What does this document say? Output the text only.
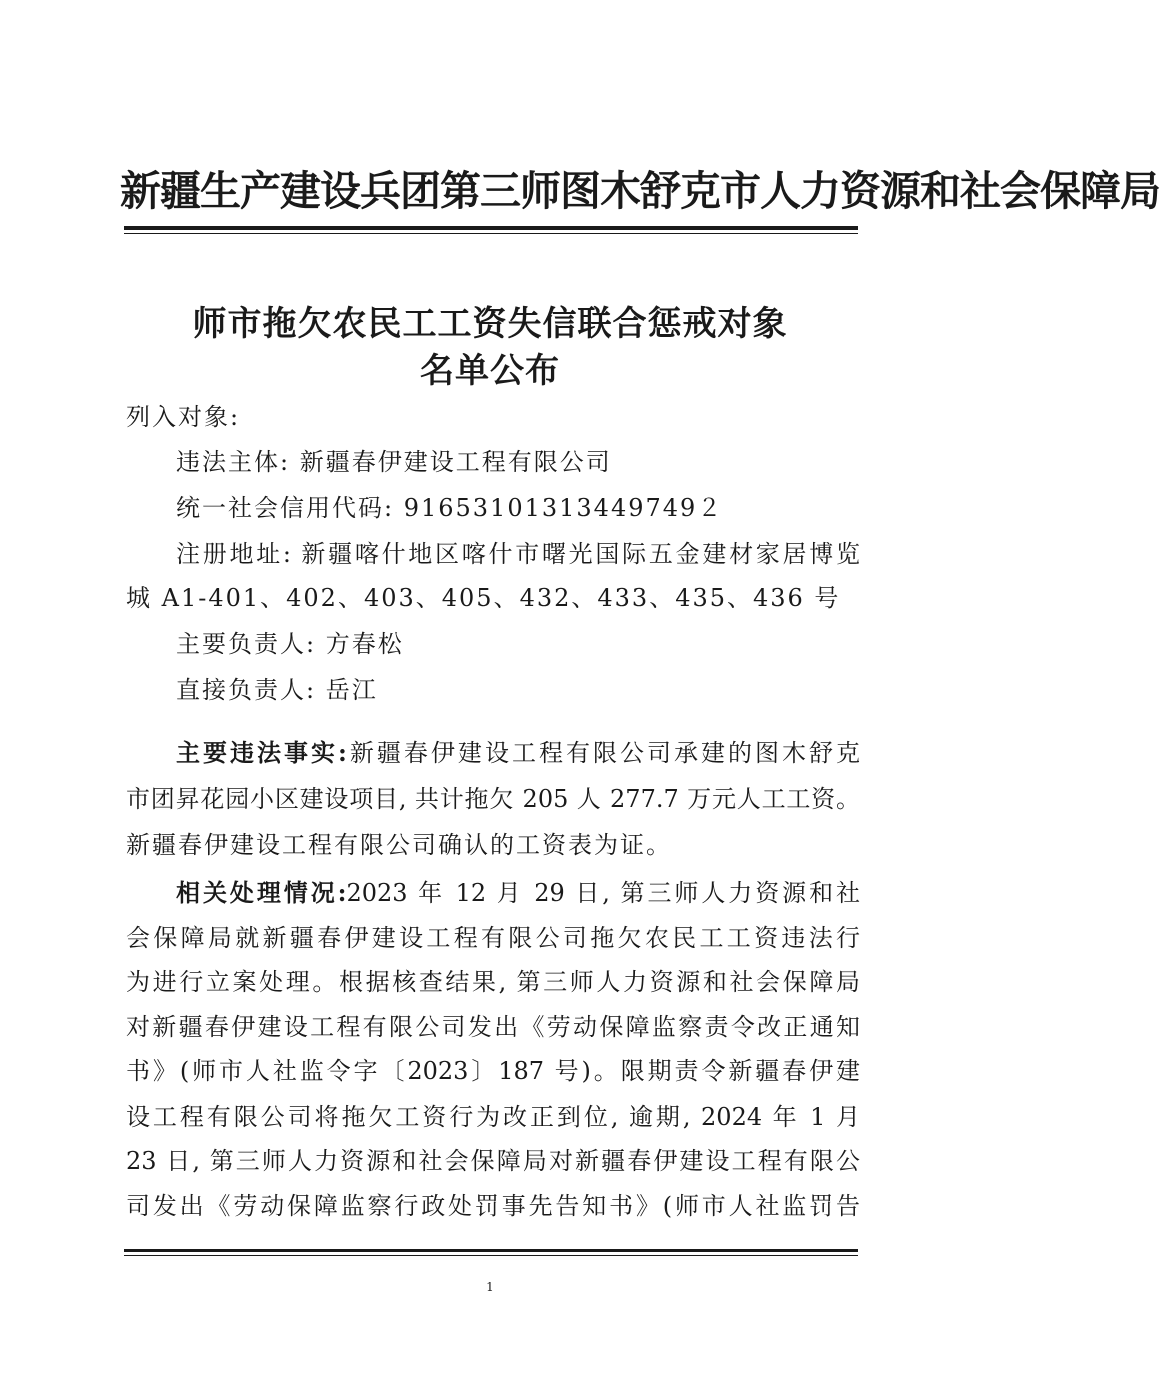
新疆生产建设兵团第三师图木舒克市人力资源和社会保障局
师市拖欠农民工工资失信联合惩戒对象
名单公布
列入对象:
违法主体: 新疆春伊建设工程有限公司
统一社会信用代码: 91653101313449749２
注册地址: 新疆喀什地区喀什市曙光国际五金建材家居博览
城 A1-401、402、403、405、432、433、435、436 号
主要负责人: 方春松
直接负责人: 岳江
主要违法事实:新疆春伊建设工程有限公司承建的图木舒克
市团昇花园小区建设项目, 共计拖欠 205 人 277.7 万元人工工资。
新疆春伊建设工程有限公司确认的工资表为证。
相关处理情况:2023 年 12 月 29 日, 第三师人力资源和社
会保障局就新疆春伊建设工程有限公司拖欠农民工工资违法行
为进行立案处理。根据核查结果, 第三师人力资源和社会保障局
对新疆春伊建设工程有限公司发出《劳动保障监察责令改正通知
书》(师市人社监令字〔2023〕187 号)。限期责令新疆春伊建
设工程有限公司将拖欠工资行为改正到位, 逾期, 2024 年 1 月
23 日, 第三师人力资源和社会保障局对新疆春伊建设工程有限公
司发出《劳动保障监察行政处罚事先告知书》(师市人社监罚告
1
